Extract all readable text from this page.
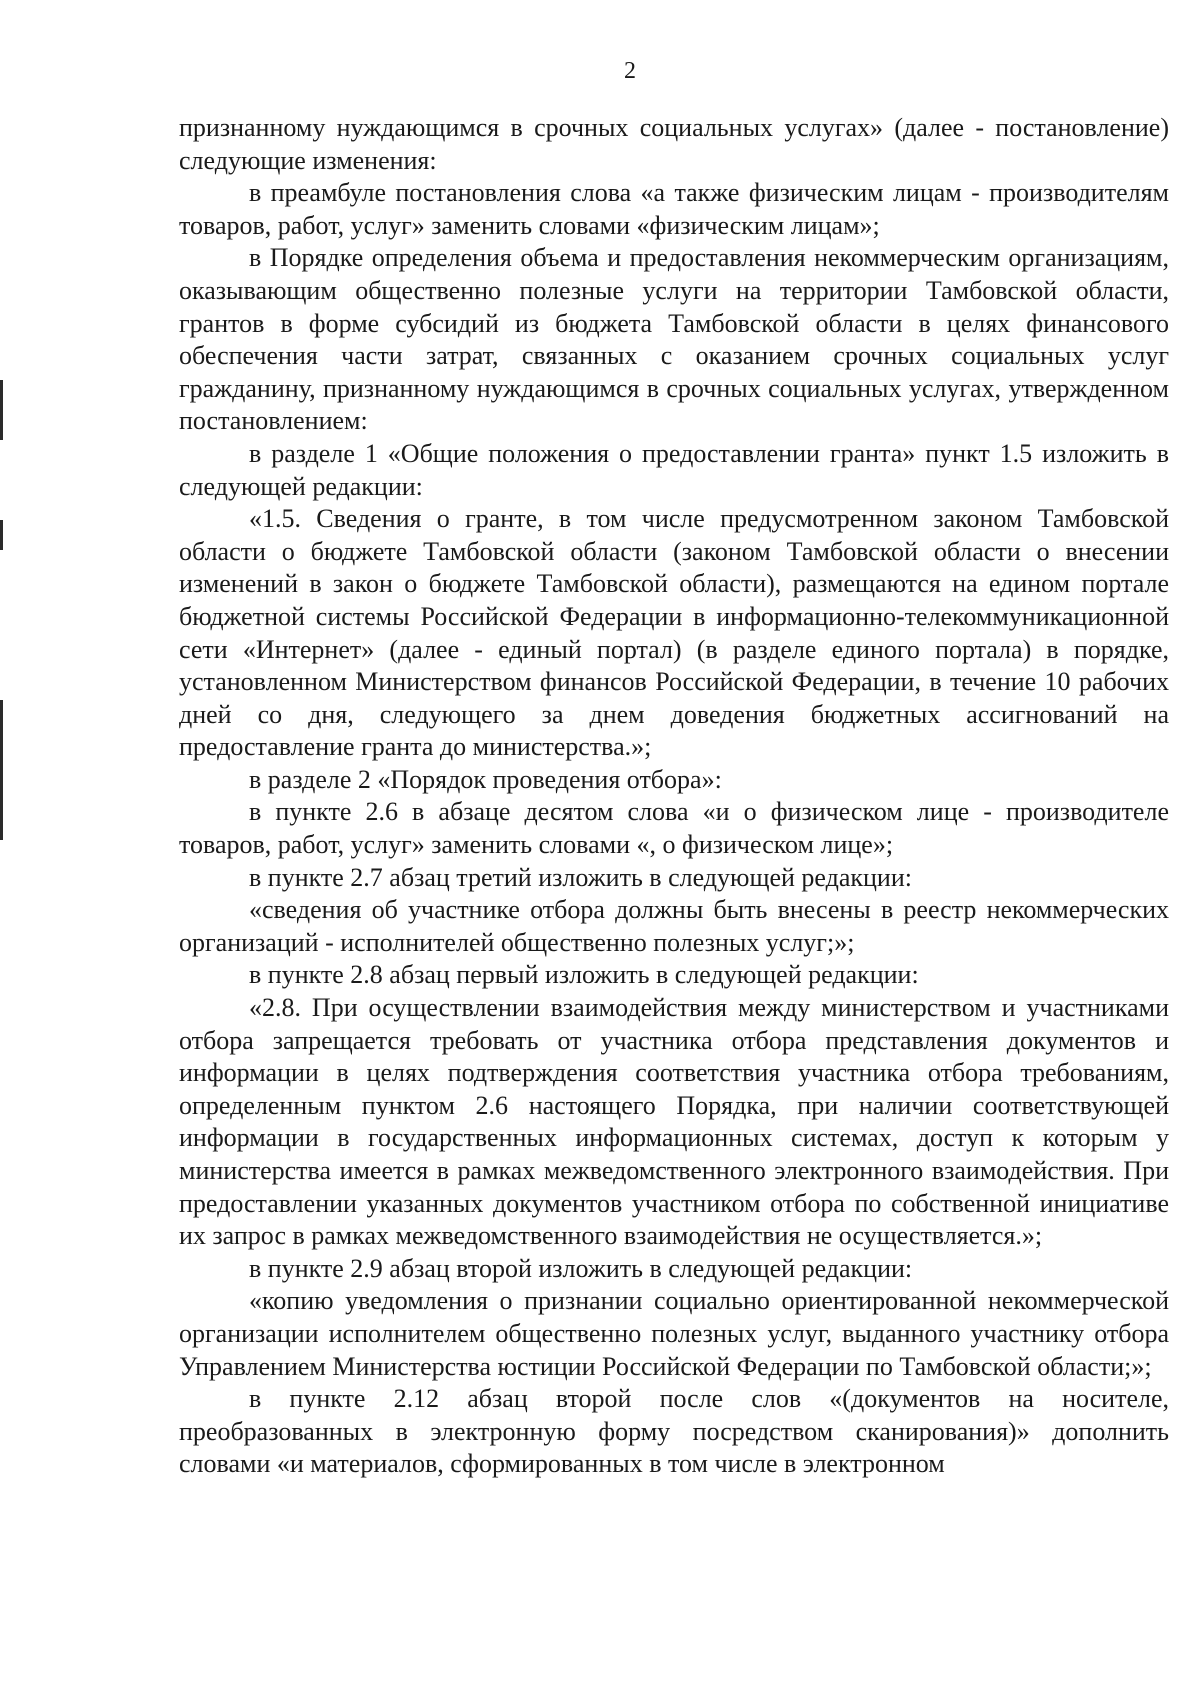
2

признанному нуждающимся в срочных социальных услугах» (далее - постановление) следующие изменения:

в преамбуле постановления слова «а также физическим лицам - производителям товаров, работ, услуг» заменить словами «физическим лицам»;

в Порядке определения объема и предоставления некоммерческим организациям, оказывающим общественно полезные услуги на территории Тамбовской области, грантов в форме субсидий из бюджета Тамбовской области в целях финансового обеспечения части затрат, связанных с оказанием срочных социальных услуг гражданину, признанному нуждающимся в срочных социальных услугах, утвержденном постановлением:

в разделе 1 «Общие положения о предоставлении гранта» пункт 1.5 изложить в следующей редакции:

«1.5. Сведения о гранте, в том числе предусмотренном законом Тамбовской области о бюджете Тамбовской области (законом Тамбовской области о внесении изменений в закон о бюджете Тамбовской области), размещаются на едином портале бюджетной системы Российской Федерации в информационно-телекоммуникационной сети «Интернет» (далее - единый портал) (в разделе единого портала) в порядке, установленном Министерством финансов Российской Федерации, в течение 10 рабочих дней со дня, следующего за днем доведения бюджетных ассигнований на предоставление гранта до министерства.»;

в разделе 2 «Порядок проведения отбора»:

в пункте 2.6 в абзаце десятом слова «и о физическом лице - производителе товаров, работ, услуг» заменить словами «, о физическом лице»;

в пункте 2.7 абзац третий изложить в следующей редакции:

«сведения об участнике отбора должны быть внесены в реестр некоммерческих организаций - исполнителей общественно полезных услуг;»;

в пункте 2.8 абзац первый изложить в следующей редакции:

«2.8. При осуществлении взаимодействия между министерством и участниками отбора запрещается требовать от участника отбора представления документов и информации в целях подтверждения соответствия участника отбора требованиям, определенным пунктом 2.6 настоящего Порядка, при наличии соответствующей информации в государственных информационных системах, доступ к которым у министерства имеется в рамках межведомственного электронного взаимодействия. При предоставлении указанных документов участником отбора по собственной инициативе их запрос в рамках межведомственного взаимодействия не осуществляется.»;

в пункте 2.9 абзац второй изложить в следующей редакции:

«копию уведомления о признании социально ориентированной некоммерческой организации исполнителем общественно полезных услуг, выданного участнику отбора Управлением Министерства юстиции Российской Федерации по Тамбовской области;»;

в пункте 2.12 абзац второй после слов «(документов на носителе, преобразованных в электронную форму посредством сканирования)» дополнить словами «и материалов, сформированных в том числе в электронном
